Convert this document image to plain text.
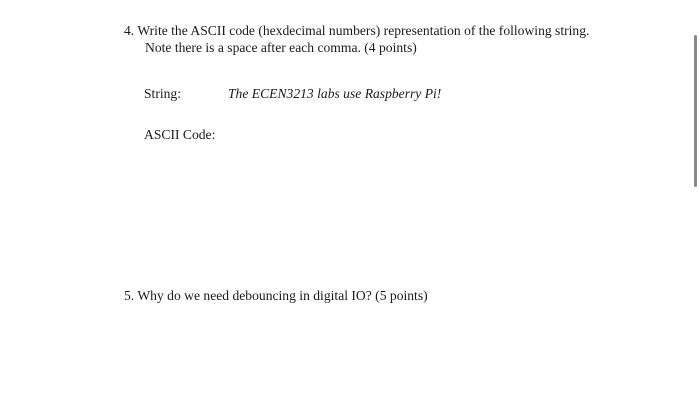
4. Write the ASCII code (hexdecimal numbers) representation of the following string.
Note there is a space after each comma. (4 points)
String:	The ECEN3213 labs use Raspberry Pi!
ASCII Code:
5. Why do we need debouncing in digital IO? (5 points)
